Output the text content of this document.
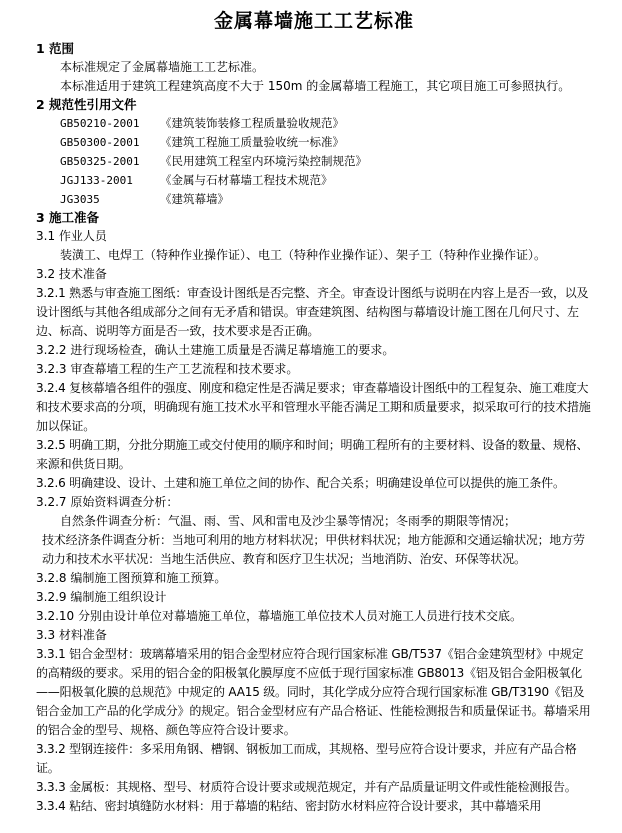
金属幕墙施工工艺标准
1 范围
本标准规定了金属幕墙施工工艺标准。
本标准适用于建筑工程建筑高度不大于 150m 的金属幕墙工程施工，其它项目施工可参照执行。
2 规范性引用文件
GB50210-2001	《建筑装饰装修工程质量验收规范》
GB50300-2001	《建筑工程施工质量验收统一标准》
GB50325-2001	《民用建筑工程室内环境污染控制规范》
JGJ133-2001	《金属与石材幕墙工程技术规范》
JG3035	《建筑幕墙》
3 施工准备
3.1 作业人员
装潢工、电焊工（特种作业操作证）、电工（特种作业操作证）、架子工（特种作业操作证）。
3.2 技术准备
3.2.1 熟悉与审查施工图纸：审查设计图纸是否完整、齐全。审查设计图纸与说明在内容上是否一致，以及设计图纸与其他各组成部分之间有无矛盾和错误。审查建筑图、结构图与幕墙设计施工图在几何尺寸、左边、标高、说明等方面是否一致，技术要求是否正确。
3.2.2 进行现场检查，确认土建施工质量是否满足幕墙施工的要求。
3.2.3 审查幕墙工程的生产工艺流程和技术要求。
3.2.4 复核幕墙各组件的强度、刚度和稳定性是否满足要求；审查幕墙设计图纸中的工程复杂、施工难度大和技术要求高的分项，明确现有施工技术水平和管理水平能否满足工期和质量要求，拟采取可行的技术措施加以保证。
3.2.5 明确工期，分批分期施工或交付使用的顺序和时间；明确工程所有的主要材料、设备的数量、规格、来源和供货日期。
3.2.6 明确建设、设计、土建和施工单位之间的协作、配合关系；明确建设单位可以提供的施工条件。
3.2.7 原始资料调查分析：
自然条件调查分析：气温、雨、雪、风和雷电及沙尘暴等情况；冬雨季的期限等情况；
技术经济条件调查分析：当地可利用的地方材料状况；甲供材料状况；地方能源和交通运输状况；地方劳动力和技术水平状况：当地生活供应、教育和医疗卫生状况；当地消防、治安、环保等状况。
3.2.8 编制施工图预算和施工预算。
3.2.9 编制施工组织设计
3.2.10 分别由设计单位对幕墙施工单位，幕墙施工单位技术人员对施工人员进行技术交底。
3.3 材料准备
3.3.1 铝合金型材：玻璃幕墙采用的铝合金型材应符合现行国家标准 GB/T537《铝合金建筑型材》中规定的高精级的要求。采用的铝合金的阳极氧化膜厚度不应低于现行国家标准 GB8013《铝及铝合金阳极氧化——阳极氧化膜的总规范》中规定的 AA15 级。同时，其化学成分应符合现行国家标准 GB/T3190《铝及铝合金加工产品的化学成分》的规定。铝合金型材应有产品合格证、性能检测报告和质量保证书。幕墙采用的铝合金的型号、规格、颜色等应符合设计要求。
3.3.2 型钢连接件：多采用角钢、槽钢、钢板加工而成，其规格、型号应符合设计要求，并应有产品合格证。
3.3.3 金属板：其规格、型号、材质符合设计要求或规范规定，并有产品质量证明文件或性能检测报告。
3.3.4 粘结、密封填缝防水材料：用于幕墙的粘结、密封防水材料应符合设计要求，其中幕墙采用
